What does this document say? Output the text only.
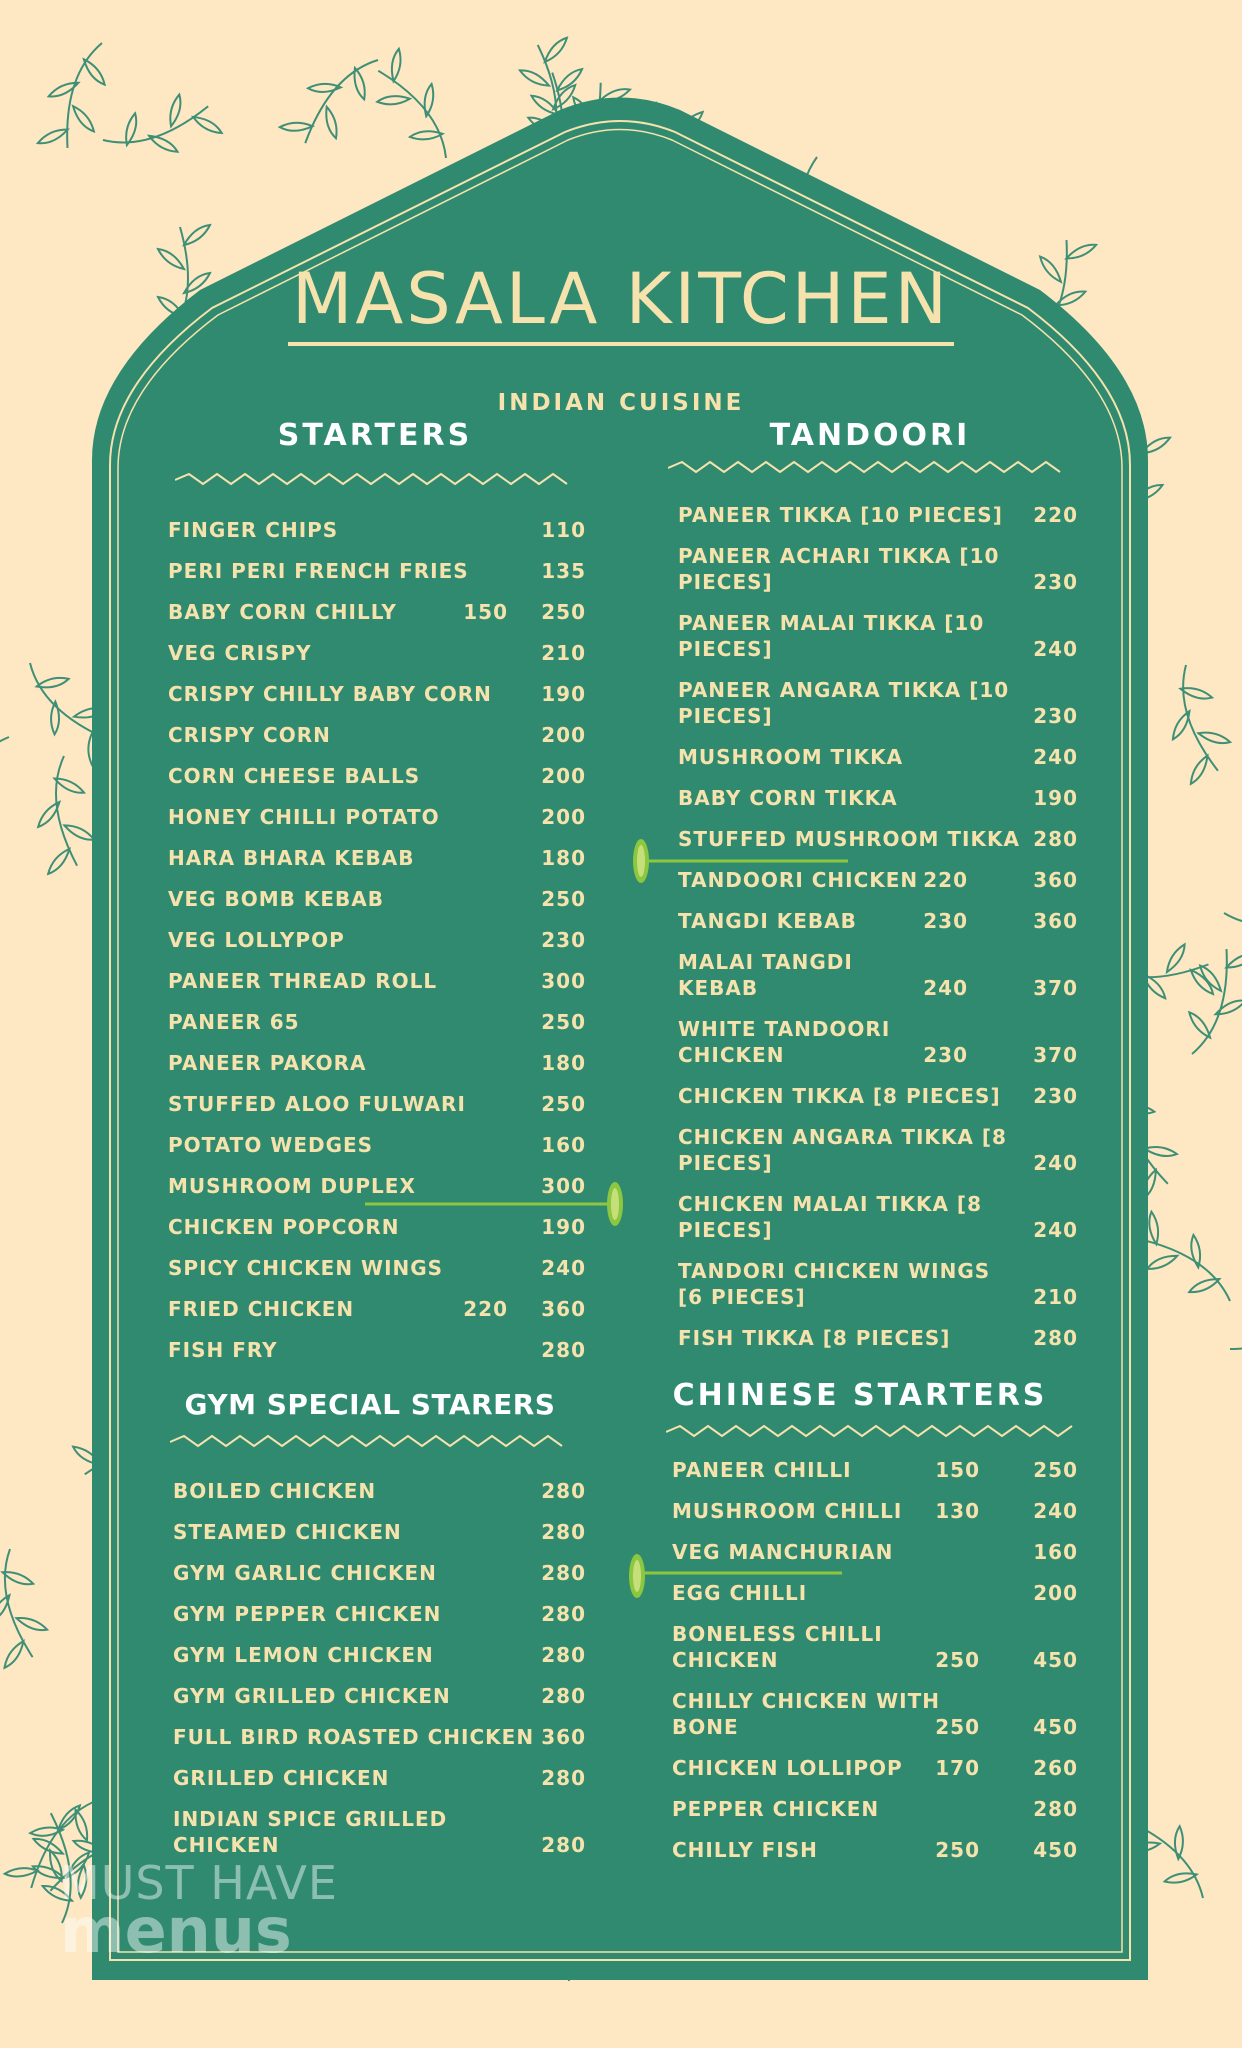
MASALA KITCHEN
INDIAN CUISINE
STARTERS	TANDOORI
GYM SPECIAL STARERS	CHINESE STARTERS
FINGER CHIPS	110
PERI PERI FRENCH FRIES	135
BABY CORN CHILLY	150	250
VEG CRISPY	210
CRISPY CHILLY BABY CORN	190
CRISPY CORN	200
CORN CHEESE BALLS	200
HONEY CHILLI POTATO	200
HARA BHARA KEBAB	180
VEG BOMB KEBAB	250
VEG LOLLYPOP	230
PANEER THREAD ROLL	300
PANEER 65	250
PANEER PAKORA	180
STUFFED ALOO FULWARI	250
POTATO WEDGES	160
MUSHROOM DUPLEX	300
CHICKEN POPCORN	190
SPICY CHICKEN WINGS	240
FRIED CHICKEN	220	360
FISH FRY	280
BOILED CHICKEN	280
STEAMED CHICKEN	280
GYM GARLIC CHICKEN	280
GYM PEPPER CHICKEN	280
GYM LEMON CHICKEN	280
GYM GRILLED CHICKEN	280
FULL BIRD ROASTED CHICKEN 360
GRILLED CHICKEN	280
INDIAN SPICE GRILLED
CHICKEN	280
PANEER TIKKA [10 PIECES]	220
PANEER ACHARI TIKKA [10
PIECES]	230
PANEER MALAI TIKKA [10
PIECES]	240
PANEER ANGARA TIKKA [10
PIECES]	230
MUSHROOM TIKKA	240
BABY CORN TIKKA	190
STUFFED MUSHROOM TIKKA 280
TANDOORI CHICKEN 220	360
TANGDI KEBAB	230	360
MALAI TANGDI
KEBAB	240	370
WHITE TANDOORI
CHICKEN	230	370
CHICKEN TIKKA [8 PIECES]	230
CHICKEN ANGARA TIKKA [8
PIECES]	240
CHICKEN MALAI TIKKA [8
PIECES]	240
TANDORI CHICKEN WINGS
[6 PIECES]	210
FISH TIKKA [8 PIECES]	280
PANEER CHILLI	150	250
MUSHROOM CHILLI	130	240
VEG MANCHURIAN	160
EGG CHILLI	200
BONELESS CHILLI
CHICKEN	250	450
CHILLY CHICKEN WITH
BONE	250	450
CHICKEN LOLLIPOP	170	260
PEPPER CHICKEN	280
CHILLY FISH	250	450
MUST HAVE
menus
